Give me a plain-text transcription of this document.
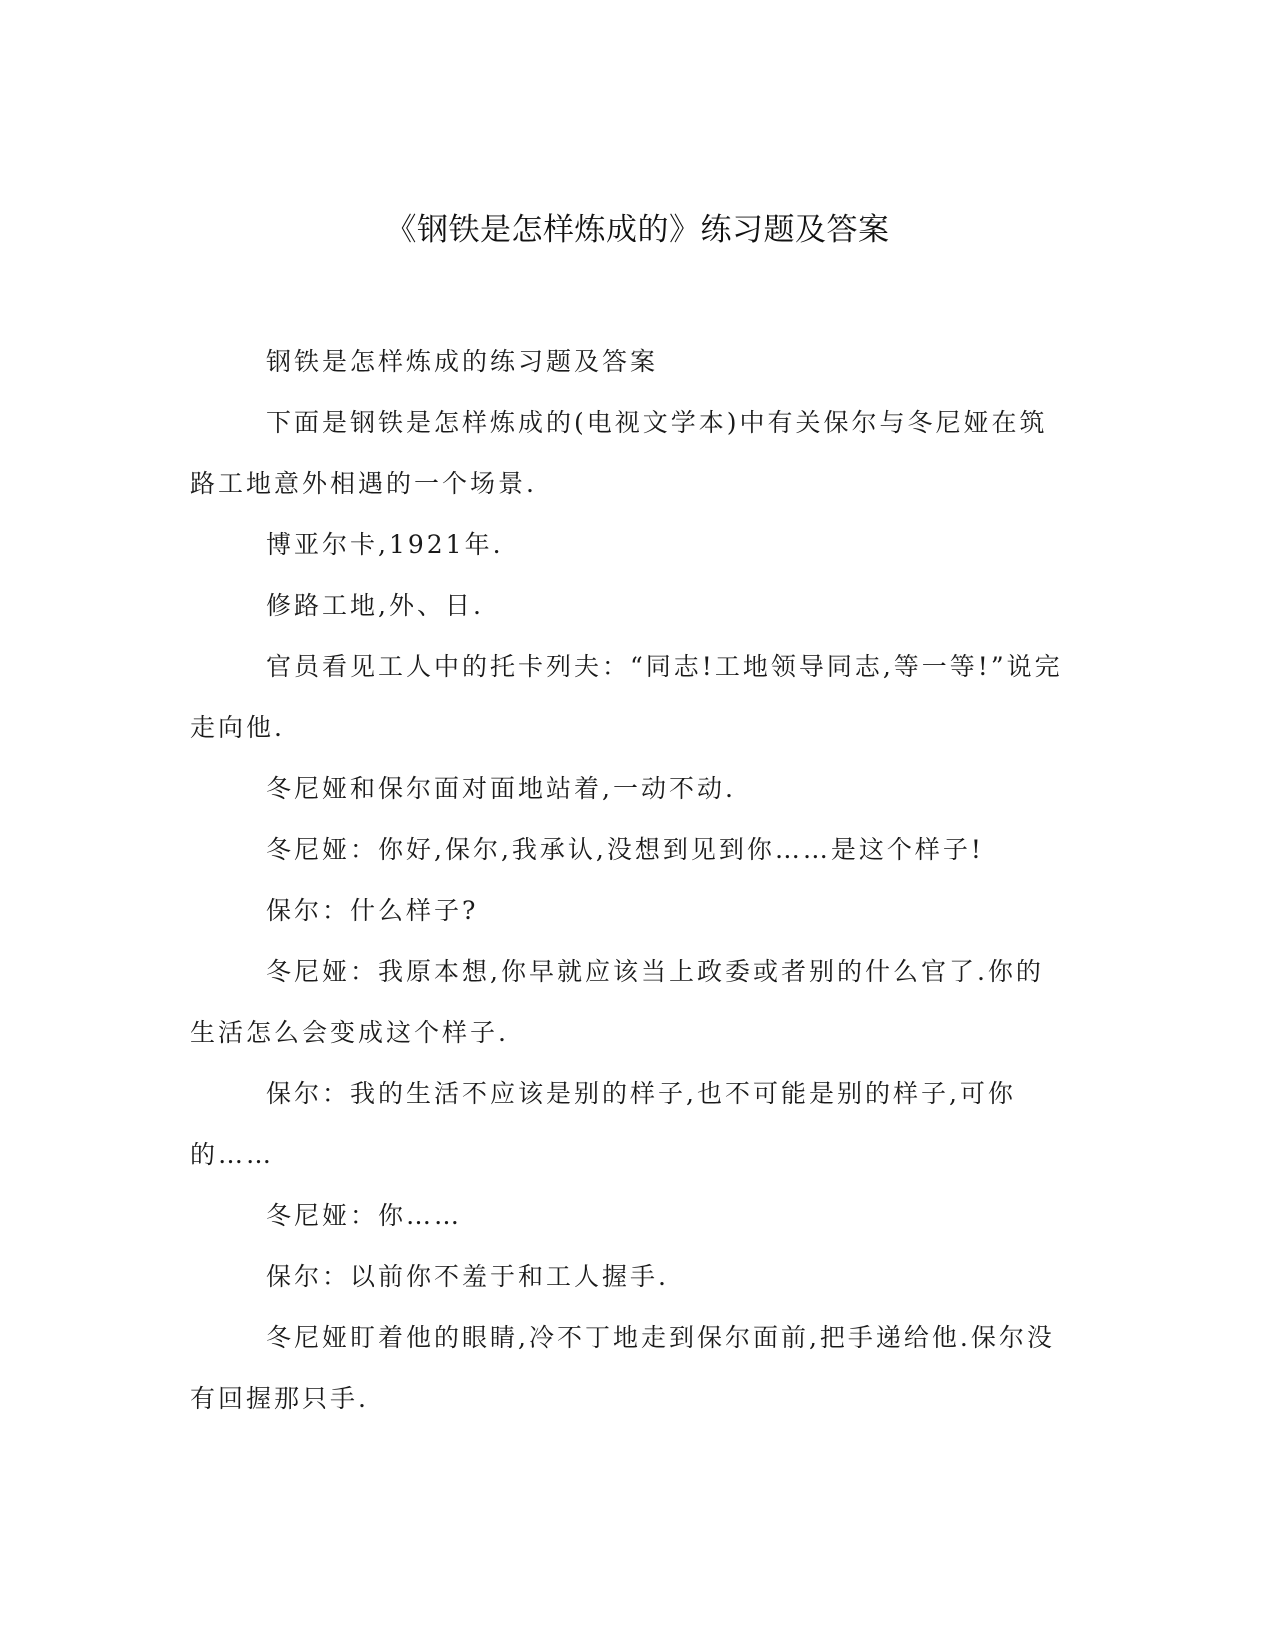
《钢铁是怎样炼成的》练习题及答案

钢铁是怎样炼成的练习题及答案

下面是钢铁是怎样炼成的(电视文学本)中有关保尔与冬尼娅在筑路工地意外相遇的一个场景.

博亚尔卡,1921年.

修路工地,外、日.

官员看见工人中的托卡列夫：“同志!工地领导同志,等一等!”说完走向他.

冬尼娅和保尔面对面地站着,一动不动.

冬尼娅：你好,保尔,我承认,没想到见到你……是这个样子!

保尔：什么样子?

冬尼娅：我原本想,你早就应该当上政委或者别的什么官了.你的生活怎么会变成这个样子.

保尔：我的生活不应该是别的样子,也不可能是别的样子,可你的……

冬尼娅：你……

保尔：以前你不羞于和工人握手.

冬尼娅盯着他的眼睛,冷不丁地走到保尔面前,把手递给他.保尔没有回握那只手.
